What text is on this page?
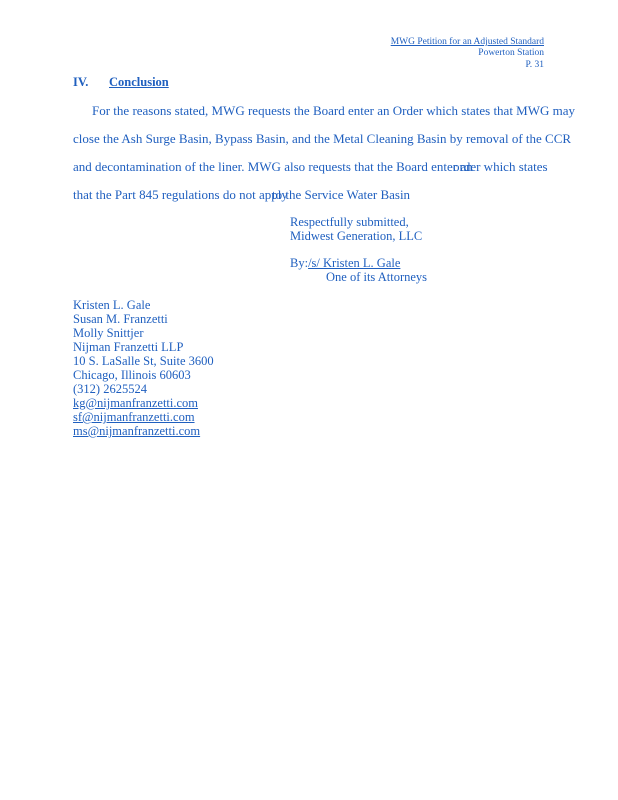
MWG Petition for an Adjusted Standard
Powerton Station
P. 31
IV. Conclusion
For the reasons stated, MWG requests the Board enter an Order which states that MWG may
close the Ash Surge Basin, Bypass Basin, and the Metal Cleaning Basin by removal of the CCR
and decontamination of the liner. MWG also requests that the Board enter an
order which states
that the Part 845 regulations do not apply
to the Service Water Basin
Respectfully submitted,
Midwest Generation, LLC
By:/s/ Kristen L. Gale
One of its Attorneys
Kristen L. Gale
Susan M. Franzetti
Molly Snittjer
Nijman Franzetti LLP
10 S. LaSalle St, Suite 3600
Chicago, Illinois 60603
(312) 2625524
kg@nijmanfranzetti.com
sf@nijmanfranzetti.com
ms@nijmanfranzetti.com
